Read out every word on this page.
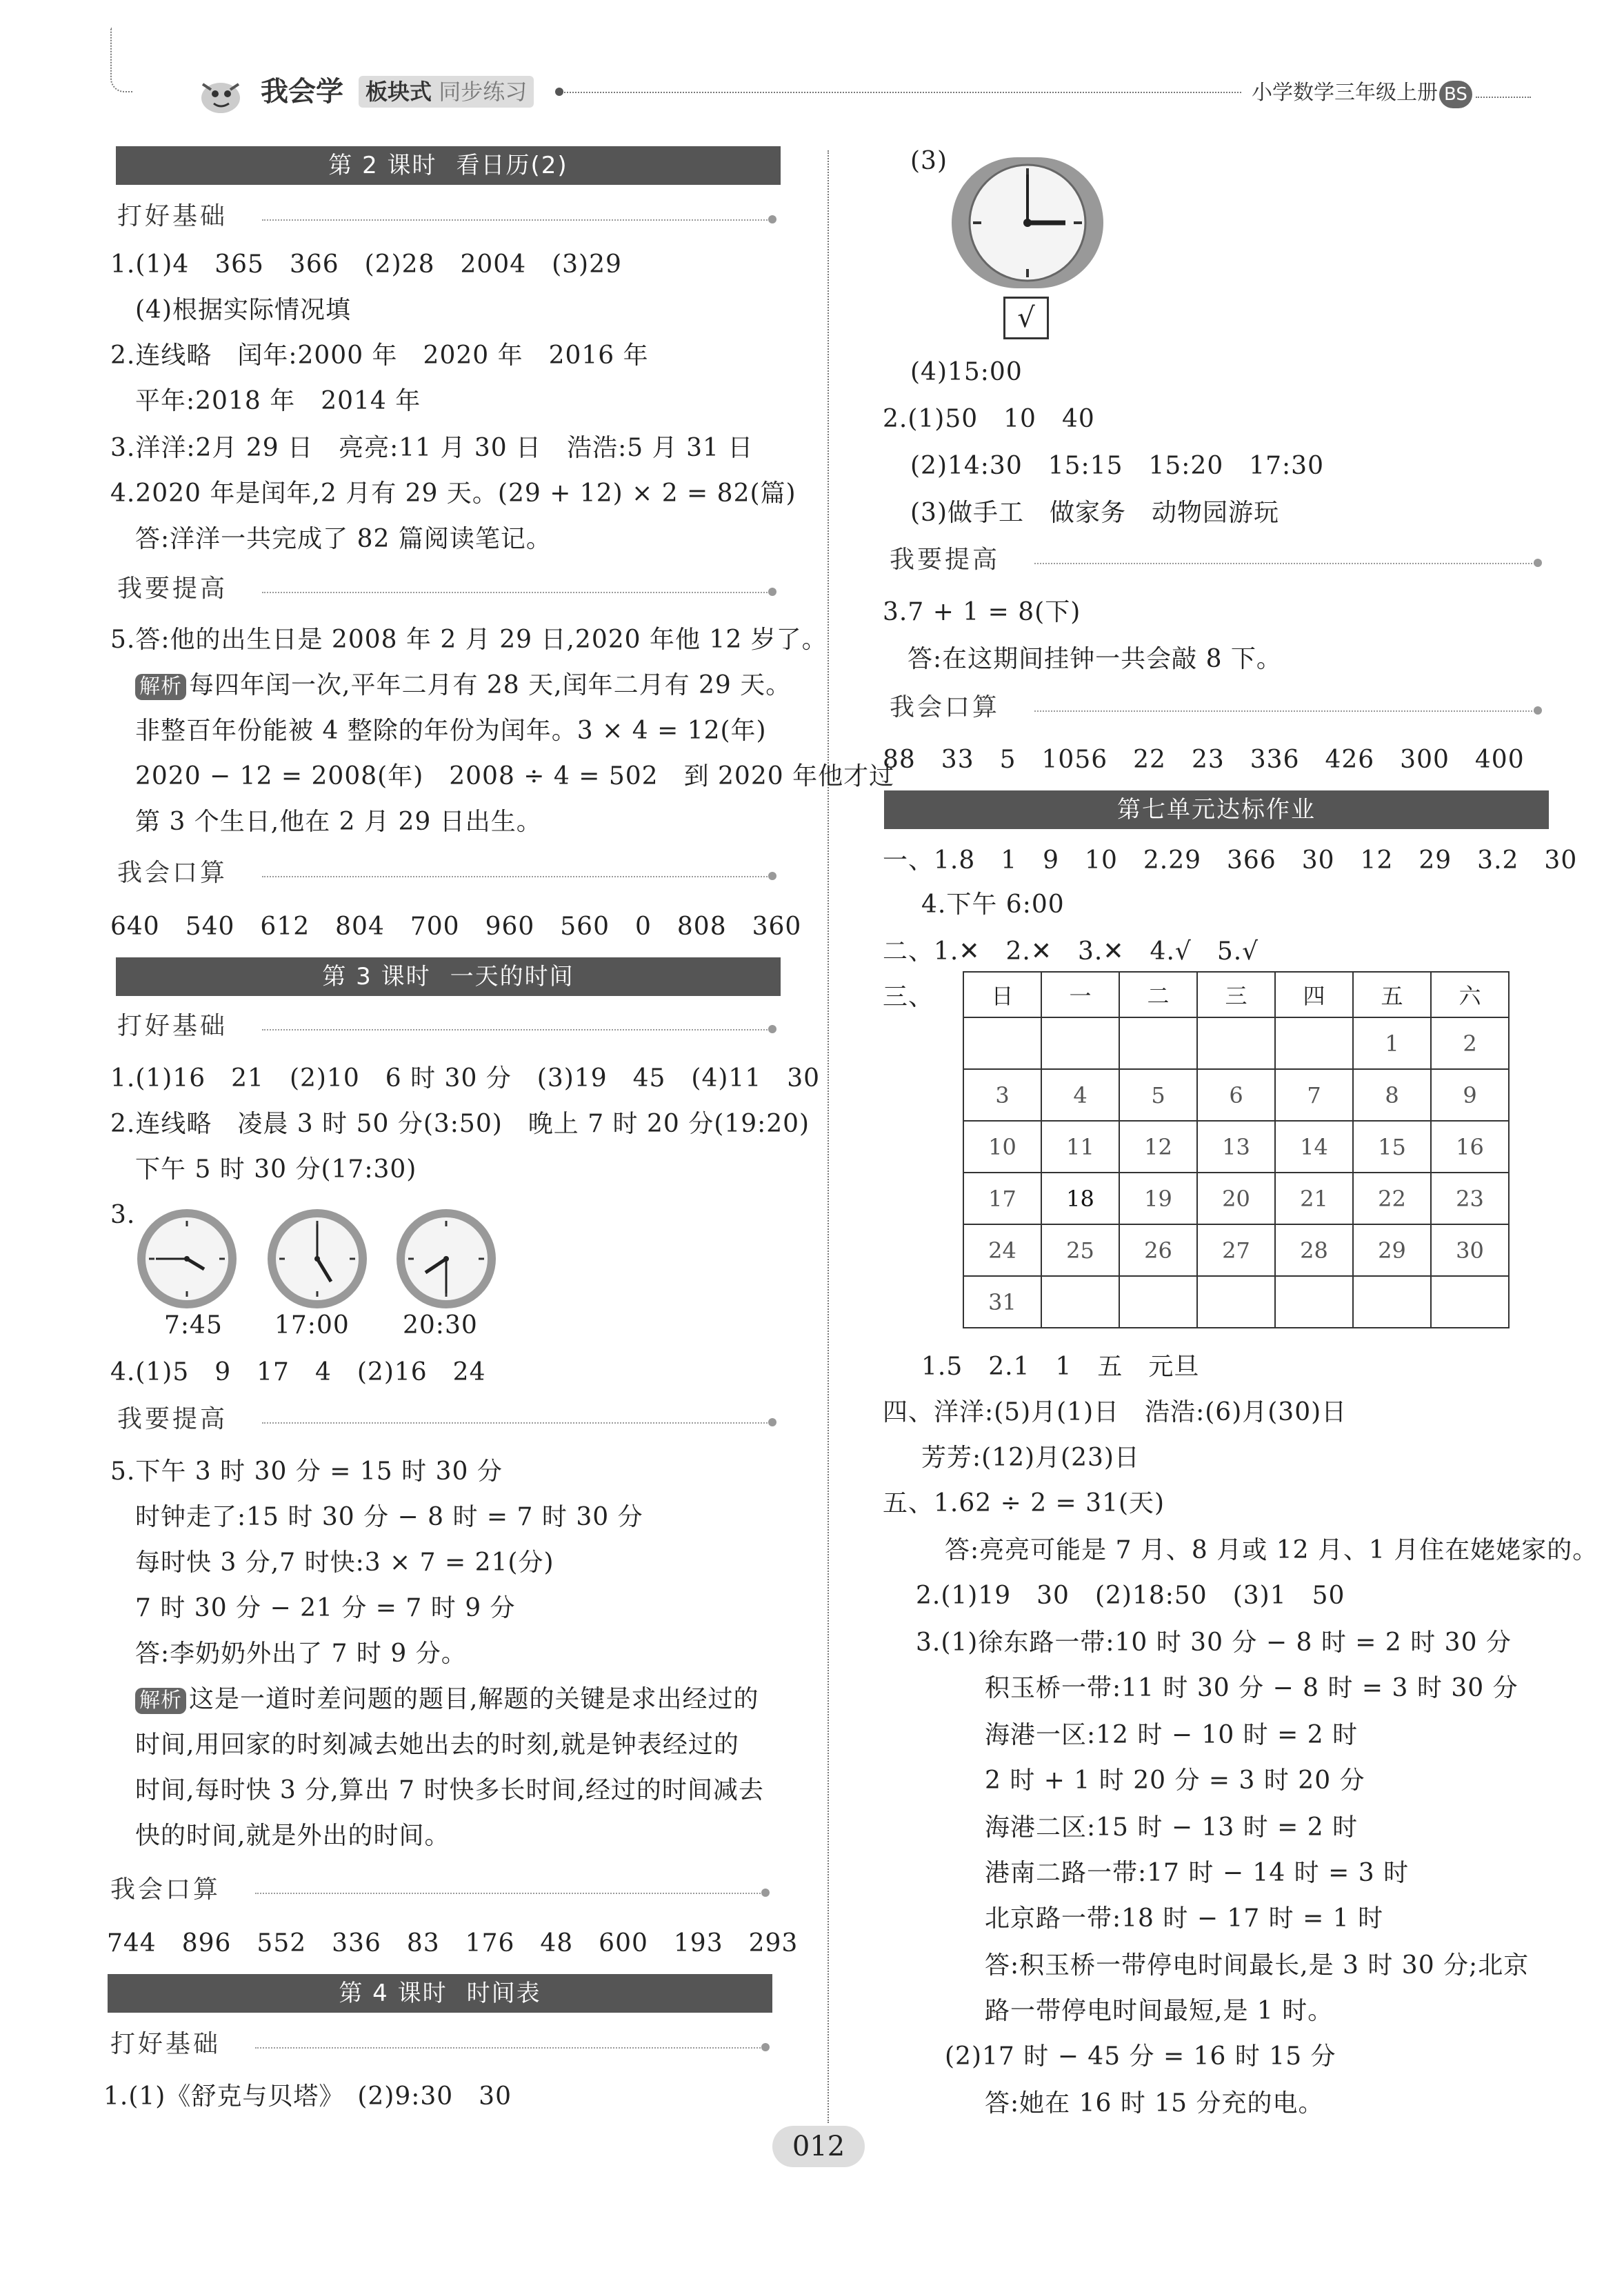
我会学	板块式 同步练习	小学数学三年级上册 BS
第 2 课时 看日历(2)
打好基础
1.(1)4　365　366　(2)28　2004　(3)29
(4)根据实际情况填
2.连线略　闰年:2000 年　2020 年　2016 年
平年:2018 年　2014 年
3.洋洋:2月 29 日　亮亮:11 月 30 日　浩浩:5 月 31 日
4.2020 年是闰年,2 月有 29 天。(29 + 12) × 2 = 82(篇)
答:洋洋一共完成了 82 篇阅读笔记。
我要提高
5.答:他的出生日是 2008 年 2 月 29 日,2020 年他 12 岁了。
解析 每四年闰一次,平年二月有 28 天,闰年二月有 29 天。
非整百年份能被 4 整除的年份为闰年。3 × 4 = 12(年)
2020 − 12 = 2008(年)　2008 ÷ 4 = 502　到 2020 年他才过
第 3 个生日,他在 2 月 29 日出生。
我会口算
640　540　612　804　700　960　560　0　808　360
第 3 课时 一天的时间
打好基础
1.(1)16　21　(2)10　6 时 30 分　(3)19　45　(4)11　30
2.连线略　凌晨 3 时 50 分(3:50)　晚上 7 时 20 分(19:20)
下午 5 时 30 分(17:30)
3.
7:45 17:00 20:30
4.(1)5　9　17　4　(2)16　24
我要提高
5.下午 3 时 30 分 = 15 时 30 分
时钟走了:15 时 30 分 − 8 时 = 7 时 30 分
每时快 3 分,7 时快:3 × 7 = 21(分)
7 时 30 分 − 21 分 = 7 时 9 分
答:李奶奶外出了 7 时 9 分。
解析 这是一道时差问题的题目,解题的关键是求出经过的
时间,用回家的时刻减去她出去的时刻,就是钟表经过的
时间,每时快 3 分,算出 7 时快多长时间,经过的时间减去
快的时间,就是外出的时间。
我会口算
744　896　552　336　83　176　48　600　193　293
第 4 课时 时间表
打好基础
1.(1)《舒克与贝塔》　(2)9:30　30
(3)
√
(4)15:00
2.(1)50　10　40
(2)14:30　15:15　15:20　17:30
(3)做手工　做家务　动物园游玩
我要提高
3.7 + 1 = 8(下)
答:在这期间挂钟一共会敲 8 下。
我会口算
88　33　5　1056　22　23　336　426　300　400
第七单元达标作业
一、1.8　1　9　10　2.29　366　30　12　29　3.2　30
4.下午 6:00
二、1.✕　2.✕　3.✕　4.√　5.√
三、	日	一	二	三	四	五	六
					1	2
3	4	5	6	7	8	9
10	11	12	13	14	15	16
17	18	19	20	21	22	23
24	25	26	27	28	29	30
31						
1.5　2.1　1　五　元旦
四、洋洋:(5)月(1)日　浩浩:(6)月(30)日
芳芳:(12)月(23)日
五、1.62 ÷ 2 = 31(天)
答:亮亮可能是 7 月、8 月或 12 月、1 月住在姥姥家的。
2.(1)19　30　(2)18:50　(3)1　50
3.(1)徐东路一带:10 时 30 分 − 8 时 = 2 时 30 分
积玉桥一带:11 时 30 分 − 8 时 = 3 时 30 分
海港一区:12 时 − 10 时 = 2 时
2 时 + 1 时 20 分 = 3 时 20 分
海港二区:15 时 − 13 时 = 2 时
港南二路一带:17 时 − 14 时 = 3 时
北京路一带:18 时 − 17 时 = 1 时
答:积玉桥一带停电时间最长,是 3 时 30 分;北京
路一带停电时间最短,是 1 时。
(2)17 时 − 45 分 = 16 时 15 分
答:她在 16 时 15 分充的电。
012
